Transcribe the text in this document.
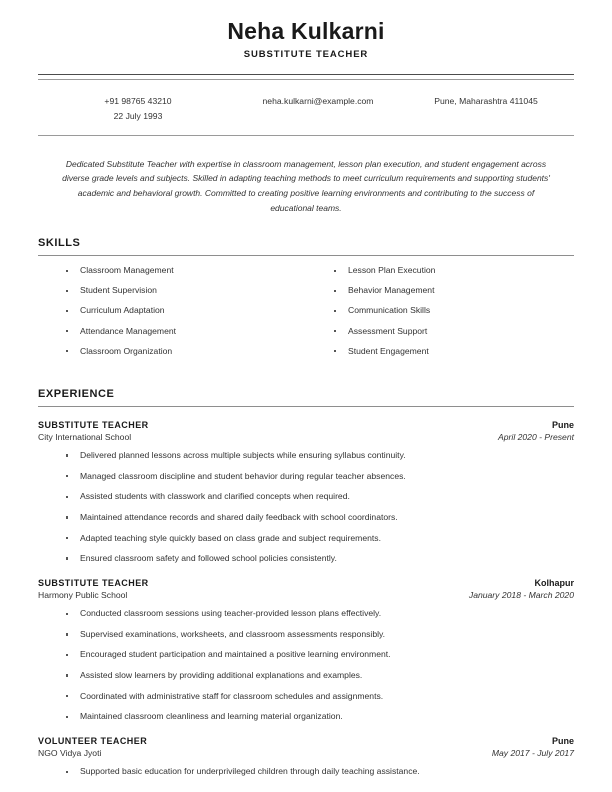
Neha Kulkarni
SUBSTITUTE TEACHER
+91 98765 43210
22 July 1993
neha.kulkarni@example.com	Pune, Maharashtra 411045
Dedicated Substitute Teacher with expertise in classroom management, lesson plan execution, and student engagement across diverse grade levels and subjects. Skilled in adapting teaching methods to meet curriculum requirements and supporting students' academic and behavioral growth. Committed to creating positive learning environments and contributing to the success of educational teams.
SKILLS
Classroom Management
Student Supervision
Curriculum Adaptation
Attendance Management
Classroom Organization
Lesson Plan Execution
Behavior Management
Communication Skills
Assessment Support
Student Engagement
EXPERIENCE
SUBSTITUTE TEACHER	Pune
City International School	April 2020 - Present
Delivered planned lessons across multiple subjects while ensuring syllabus continuity.
Managed classroom discipline and student behavior during regular teacher absences.
Assisted students with classwork and clarified concepts when required.
Maintained attendance records and shared daily feedback with school coordinators.
Adapted teaching style quickly based on class grade and subject requirements.
Ensured classroom safety and followed school policies consistently.
SUBSTITUTE TEACHER	Kolhapur
Harmony Public School	January 2018 - March 2020
Conducted classroom sessions using teacher-provided lesson plans effectively.
Supervised examinations, worksheets, and classroom assessments responsibly.
Encouraged student participation and maintained a positive learning environment.
Assisted slow learners by providing additional explanations and examples.
Coordinated with administrative staff for classroom schedules and assignments.
Maintained classroom cleanliness and learning material organization.
VOLUNTEER TEACHER	Pune
NGO Vidya Jyoti	May 2017 - July 2017
Supported basic education for underprivileged children through daily teaching assistance.
